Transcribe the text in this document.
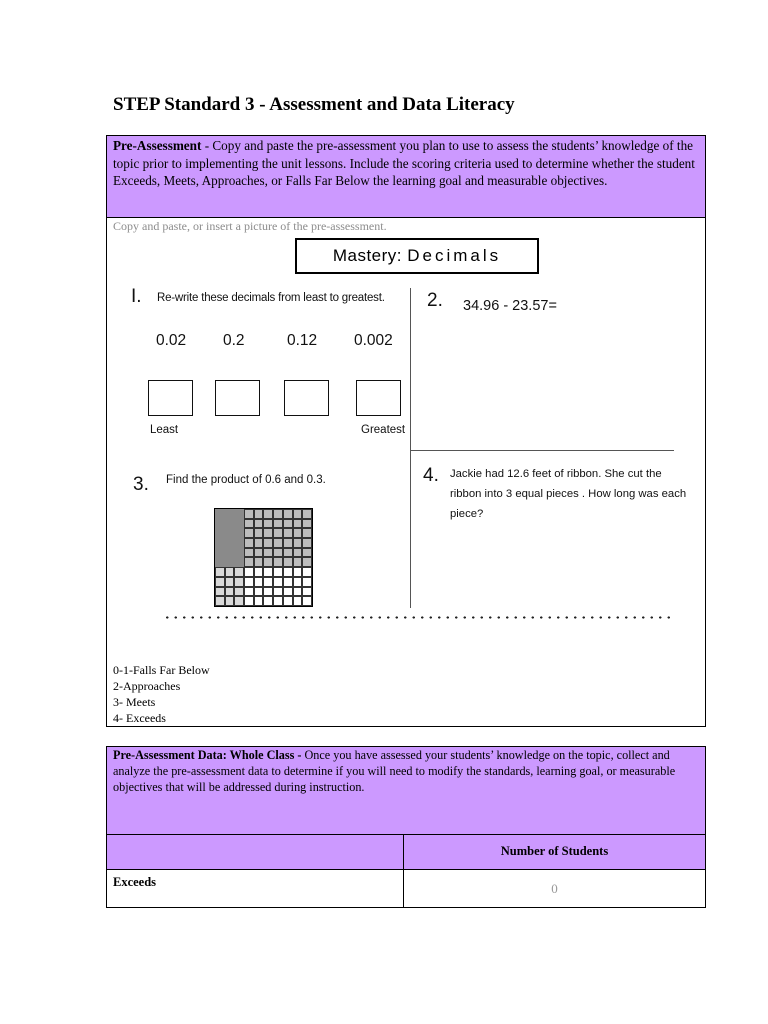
STEP Standard 3 - Assessment and Data Literacy
Pre-Assessment - Copy and paste the pre-assessment you plan to use to assess the students’ knowledge of the topic prior to implementing the unit lessons. Include the scoring criteria used to determine whether the student Exceeds, Meets, Approaches, or Falls Far Below the learning goal and measurable objectives.
Copy and paste, or insert a picture of the pre-assessment.
Mastery: Decimals
I. Re-write these decimals from least to greatest.
0.02 0.2	0.12 0.002
Least	Greatest
2. 34.96 - 23.57=
3. Find the product of 0.6 and 0.3.	4. Jackie had 12.6 feet of ribbon. She cut the
ribbon into 3 equal pieces . How long was each
piece?
0-1-Falls Far Below
2-Approaches
3- Meets
4- Exceeds
Pre-Assessment Data: Whole Class - Once you have assessed your students’ knowledge on the topic, collect and analyze the pre-assessment data to determine if you will need to modify the standards, learning goal, or measurable objectives that will be addressed during instruction.
Number of Students
Exceeds	0
